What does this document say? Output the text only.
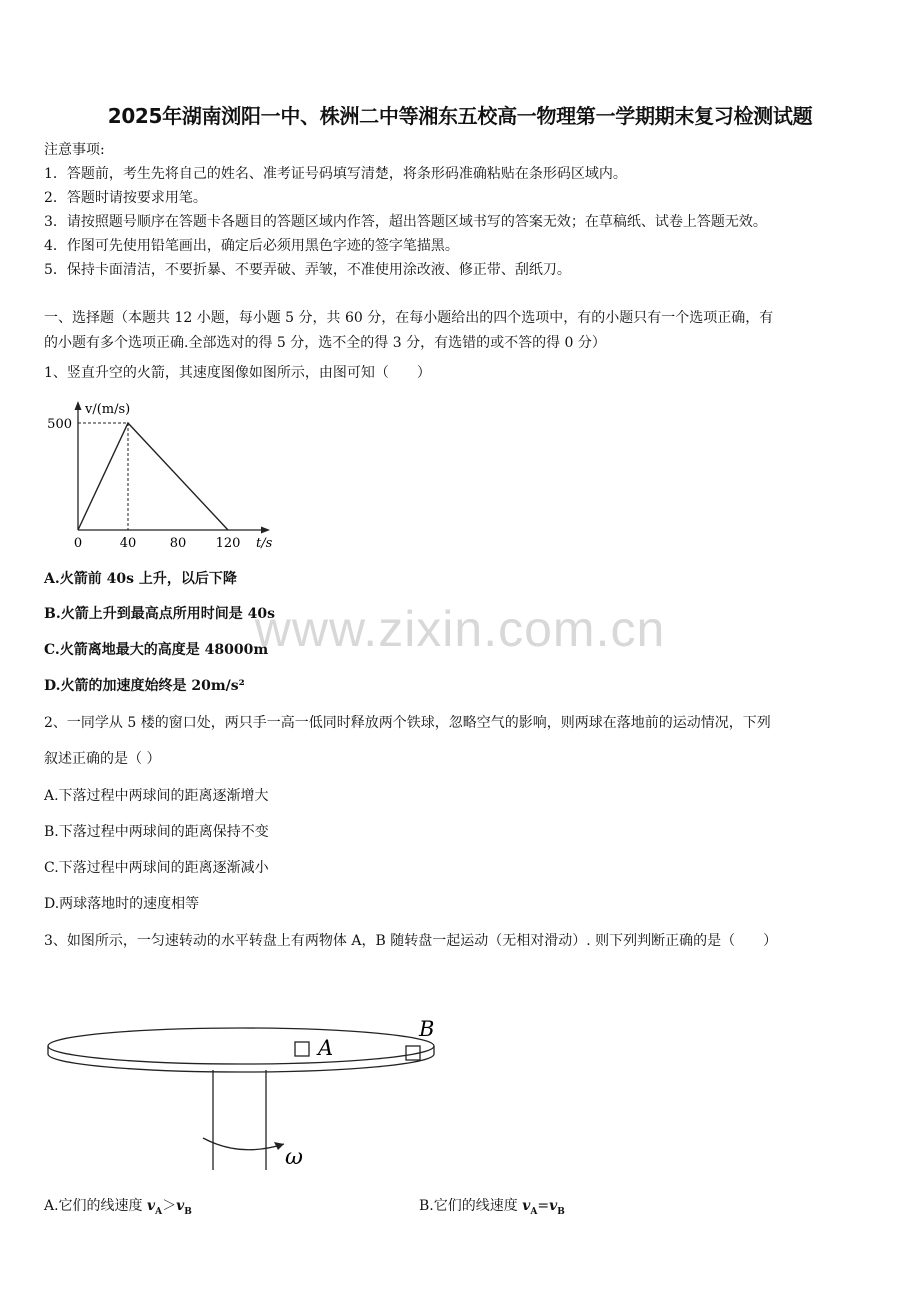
2025年湖南浏阳一中、株洲二中等湘东五校高一物理第一学期期末复习检测试题
注意事项:
1．答题前，考生先将自己的姓名、准考证号码填写清楚，将条形码准确粘贴在条形码区域内。
2．答题时请按要求用笔。
3．请按照题号顺序在答题卡各题目的答题区域内作答，超出答题区域书写的答案无效；在草稿纸、试卷上答题无效。
4．作图可先使用铅笔画出，确定后必须用黑色字迹的签字笔描黑。
5．保持卡面清洁，不要折暴、不要弄破、弄皱，不准使用涂改液、修正带、刮纸刀。
一、选择题（本题共 12 小题，每小题 5 分，共 60 分，在每小题给出的四个选项中，有的小题只有一个选项正确，有
的小题有多个选项正确.全部选对的得 5 分，选不全的得 3 分，有选错的或不答的得 0 分）
1、竖直升空的火箭，其速度图像如图所示，由图可知（　　）
0	40	80 120
500
v/(m/s)
t/s
A.火箭前 40s 上升，以后下降
B.火箭上升到最高点所用时间是 40s
C.火箭离地最大的高度是 48000m
D.火箭的加速度始终是 20m/s²
www.zixin.com.cn
2、一同学从 5 楼的窗口处，两只手一高一低同时释放两个铁球，忽略空气的影响，则两球在落地前的运动情况，下列
叙述正确的是（ ）
A.下落过程中两球间的距离逐渐增大
B.下落过程中两球间的距离保持不变
C.下落过程中两球间的距离逐渐减小
D.两球落地时的速度相等
3、如图所示，一匀速转动的水平转盘上有两物体 A，B 随转盘一起运动（无相对滑动）. 则下列判断正确的是（　　）
A
B
ω
A.它们的线速度 $v_A>v_B$	B.它们的线速度 $v_A=v_B$
